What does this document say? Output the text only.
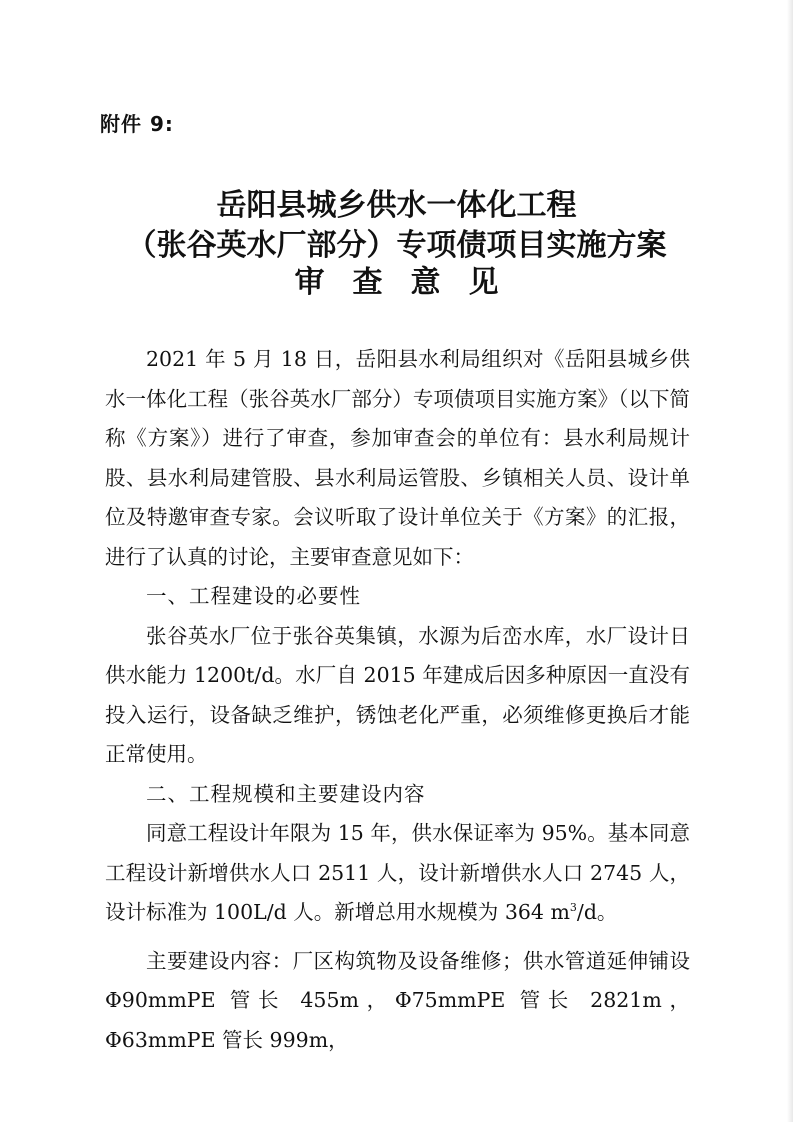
附件 9:
岳阳县城乡供水一体化工程
（张谷英水厂部分）专项债项目实施方案
审查意见

2021 年 5 月 18 日，岳阳县水利局组织对《岳阳县城乡供水一体化工程（张谷英水厂部分）专项债项目实施方案》（以下简称《方案》）进行了审查，参加审查会的单位有：县水利局规计股、县水利局建管股、县水利局运管股、乡镇相关人员、设计单位及特邀审查专家。会议听取了设计单位关于《方案》的汇报，进行了认真的讨论，主要审查意见如下：

一、工程建设的必要性

张谷英水厂位于张谷英集镇，水源为后峦水库，水厂设计日供水能力 1200t/d。水厂自 2015 年建成后因多种原因一直没有投入运行，设备缺乏维护，锈蚀老化严重，必须维修更换后才能正常使用。

二、工程规模和主要建设内容

同意工程设计年限为 15 年，供水保证率为 95%。基本同意工程设计新增供水人口 2511 人，设计新增供水人口 2745 人，设计标准为 100L/d 人。新增总用水规模为 364 $m^3/d$。

主要建设内容：厂区构筑物及设备维修；供水管道延伸铺设 Φ90mmPE 管长 455m，Φ75mmPE 管长 2821m，Φ63mmPE 管长 999m，
